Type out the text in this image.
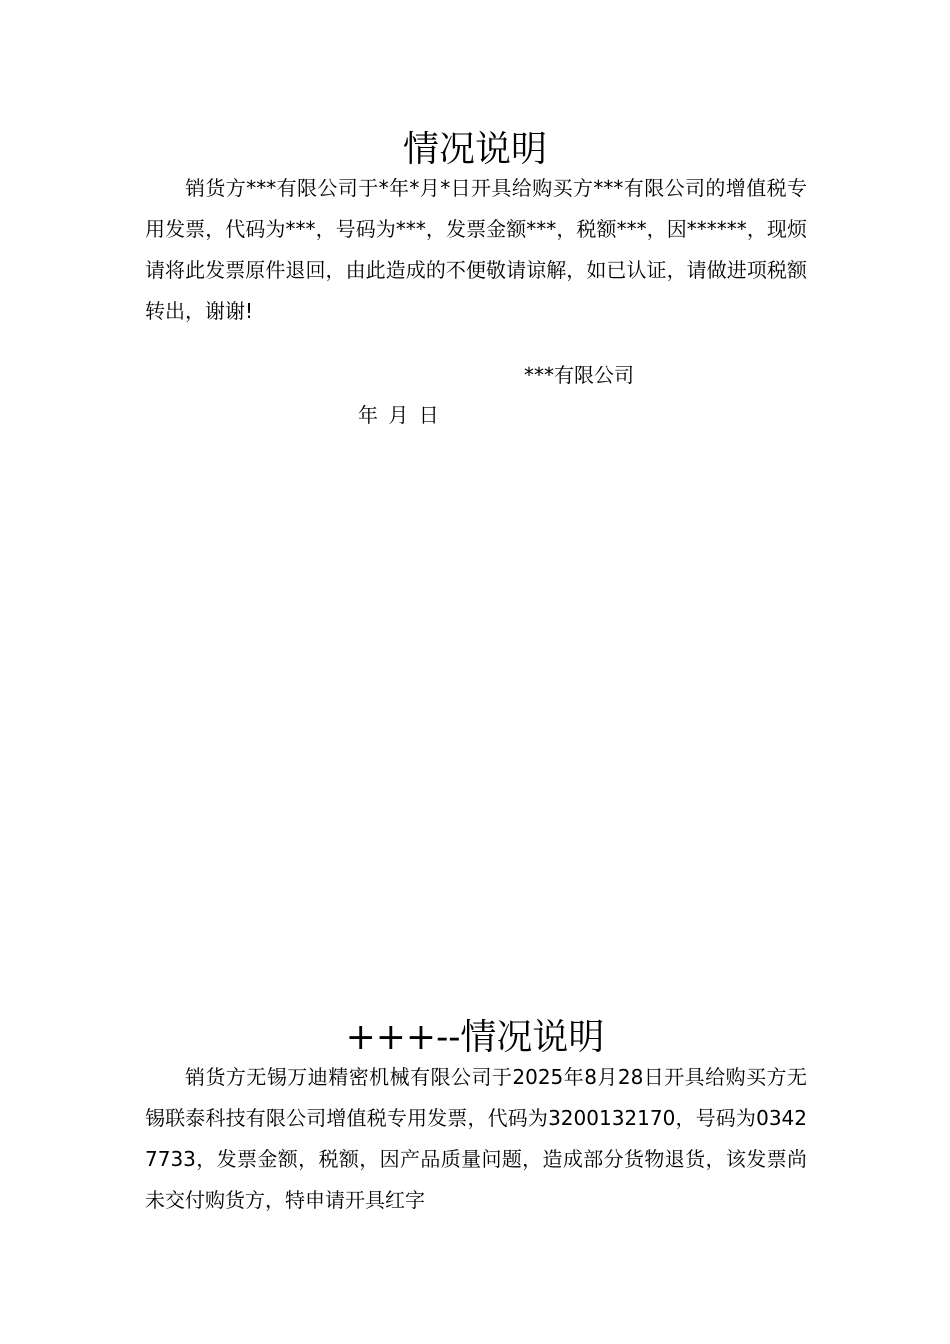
情况说明

销货方***有限公司于*年*月*日开具给购买方***有限公司的增值税专用发票，代码为***，号码为***，发票金额***，税额***，因******，现烦请将此发票原件退回，由此造成的不便敬请谅解，如已认证，请做进项税额转出，谢谢!

***有限公司

年 月 日

+++--情况说明

销货方无锡万迪精密机械有限公司于2025年8月28日开具给购买方无锡联泰科技有限公司增值税专用发票，代码为3200132170，号码为03427733，发票金额，税额，因产品质量问题，造成部分货物退货，该发票尚未交付购货方，特申请开具红字
